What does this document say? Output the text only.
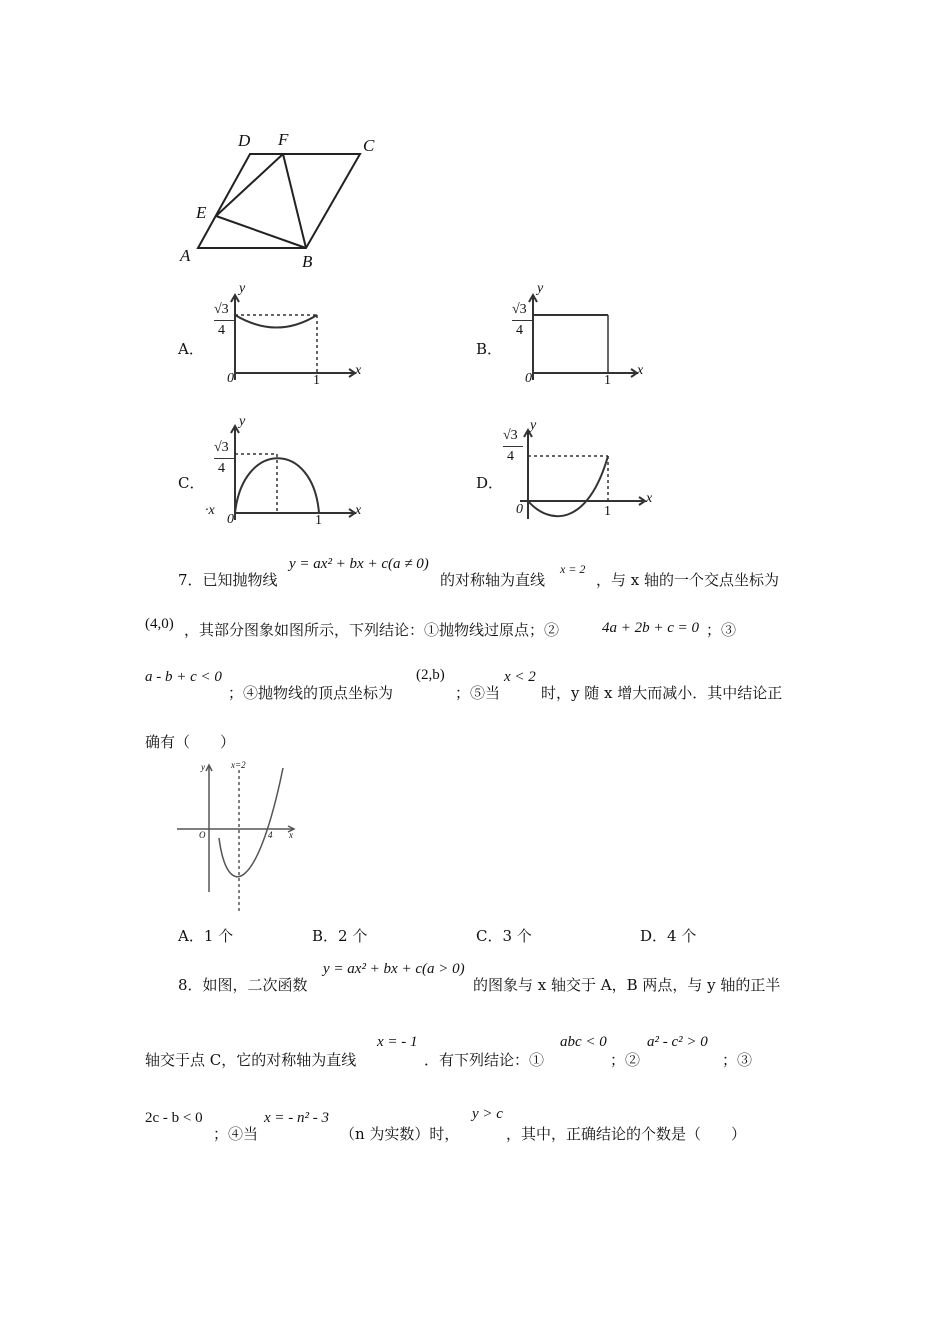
D F	C
E
A	B
A．
y
√3
4
0	1
x
B．
y
√3
4
0	1
x
C．
y
√3
4
0	1
x
·x
D．
y
√3
4
0	1
x
7．已知抛物线
y = ax² + bx + c(a ≠ 0)
的对称轴为直线
x = 2
，与 x 轴的一个交点坐标为
(4,0) ，其部分图象如图所示，下列结论：①抛物线过原点；②	4a + 2b + c = 0 ；③
a - b + c < 0
；④抛物线的顶点坐标为
(2,b)
；⑤当
x < 2
时，y 随 x 增大而减小．其中结论正
确有（　　）
y	x=2
O	4 x
A．1 个	B．2 个	C．3 个	D．4 个
8．如图，二次函数
y = ax² + bx + c(a > 0)
的图象与 x 轴交于 A，B 两点，与 y 轴的正半
轴交于点 C，它的对称轴为直线
x = - 1
．有下列结论：①
abc < 0
；②
a² - c² > 0
；③
2c - b < 0
；④当
x = - n² - 3
（n 为实数）时，
y > c
，其中，正确结论的个数是（　　）
